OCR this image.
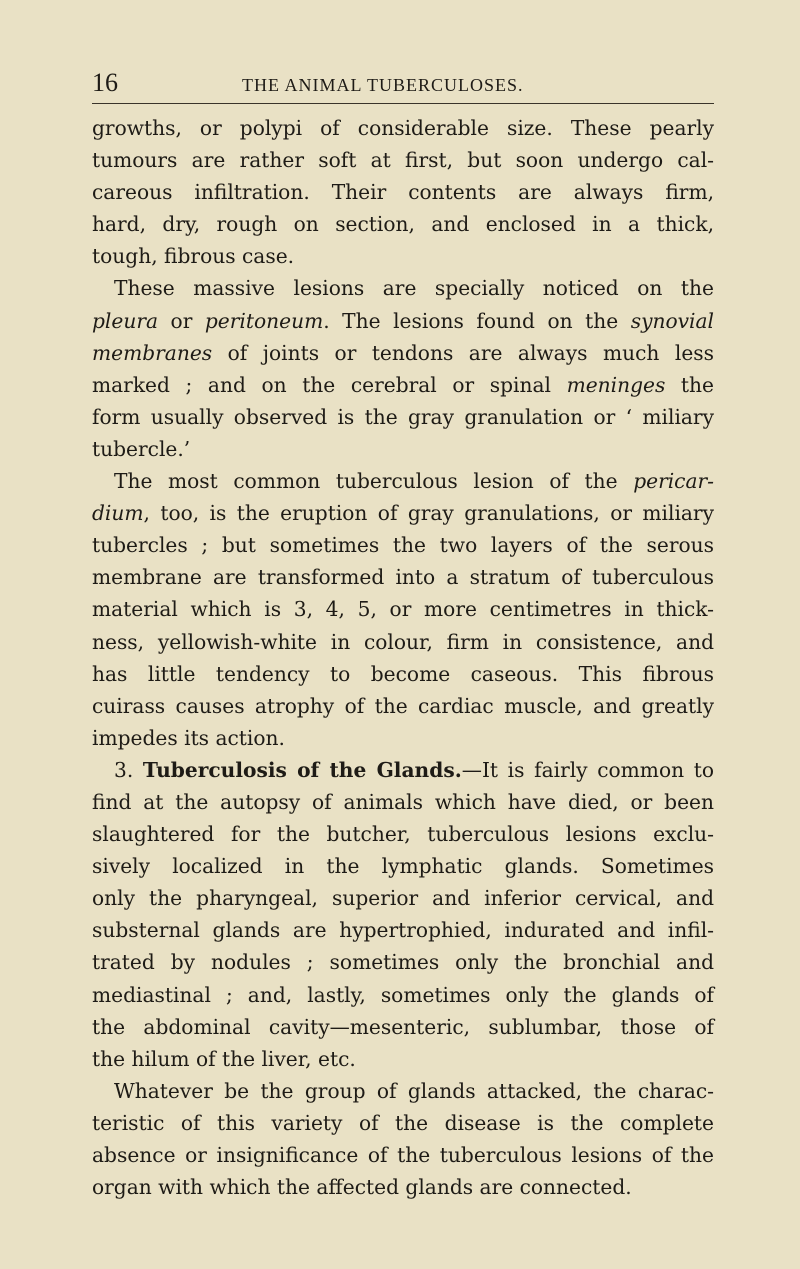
16	THE ANIMAL TUBERCULOSES.
growths, or polypi of considerable size. These pearly
tumours are rather soft at first, but soon undergo cal-
careous infiltration. Their contents are always firm,
hard, dry, rough on section, and enclosed in a thick,
tough, fibrous case.
These massive lesions are specially noticed on the
pleura or peritoneum. The lesions found on the synovial
membranes of joints or tendons are always much less
marked ; and on the cerebral or spinal meninges the
form usually observed is the gray granulation or ‘ miliary
tubercle.’
The most common tuberculous lesion of the pericar-
dium, too, is the eruption of gray granulations, or miliary
tubercles ; but sometimes the two layers of the serous
membrane are transformed into a stratum of tuberculous
material which is 3, 4, 5, or more centimetres in thick-
ness, yellowish-white in colour, firm in consistence, and
has little tendency to become caseous. This fibrous
cuirass causes atrophy of the cardiac muscle, and greatly
impedes its action.
3. Tuberculosis of the Glands.—It is fairly common to
find at the autopsy of animals which have died, or been
slaughtered for the butcher, tuberculous lesions exclu-
sively localized in the lymphatic glands. Sometimes
only the pharyngeal, superior and inferior cervical, and
substernal glands are hypertrophied, indurated and infil-
trated by nodules ; sometimes only the bronchial and
mediastinal ; and, lastly, sometimes only the glands of
the abdominal cavity—mesenteric, sublumbar, those of
the hilum of the liver, etc.
Whatever be the group of glands attacked, the charac-
teristic of this variety of the disease is the complete
absence or insignificance of the tuberculous lesions of the
organ with which the affected glands are connected.
